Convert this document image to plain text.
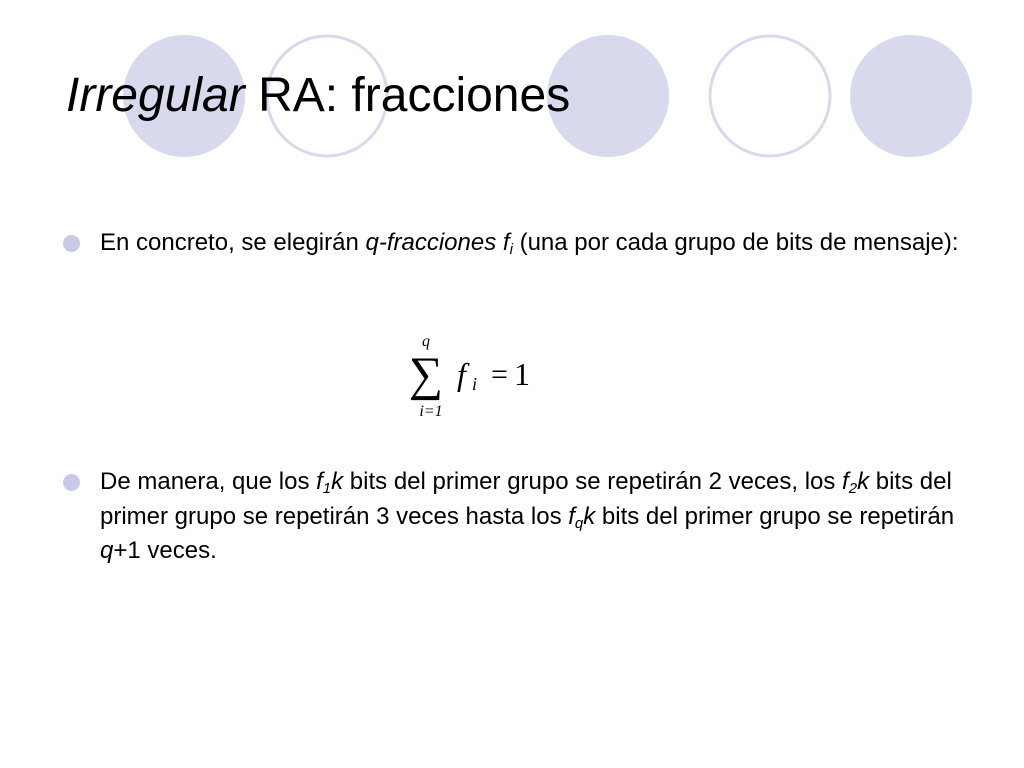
Irregular RA: fracciones

En concreto, se elegirán q-fracciones $f_i$ (una por cada grupo de bits de mensaje):

q
∑
i=1
f i = 1

De manera, que los $f_1k$ bits del primer grupo se repetirán 2 veces, los $f_2k$ bits del primer grupo se repetirán 3 veces hasta los $f_qk$ bits del primer grupo se repetirán q+1 veces.
